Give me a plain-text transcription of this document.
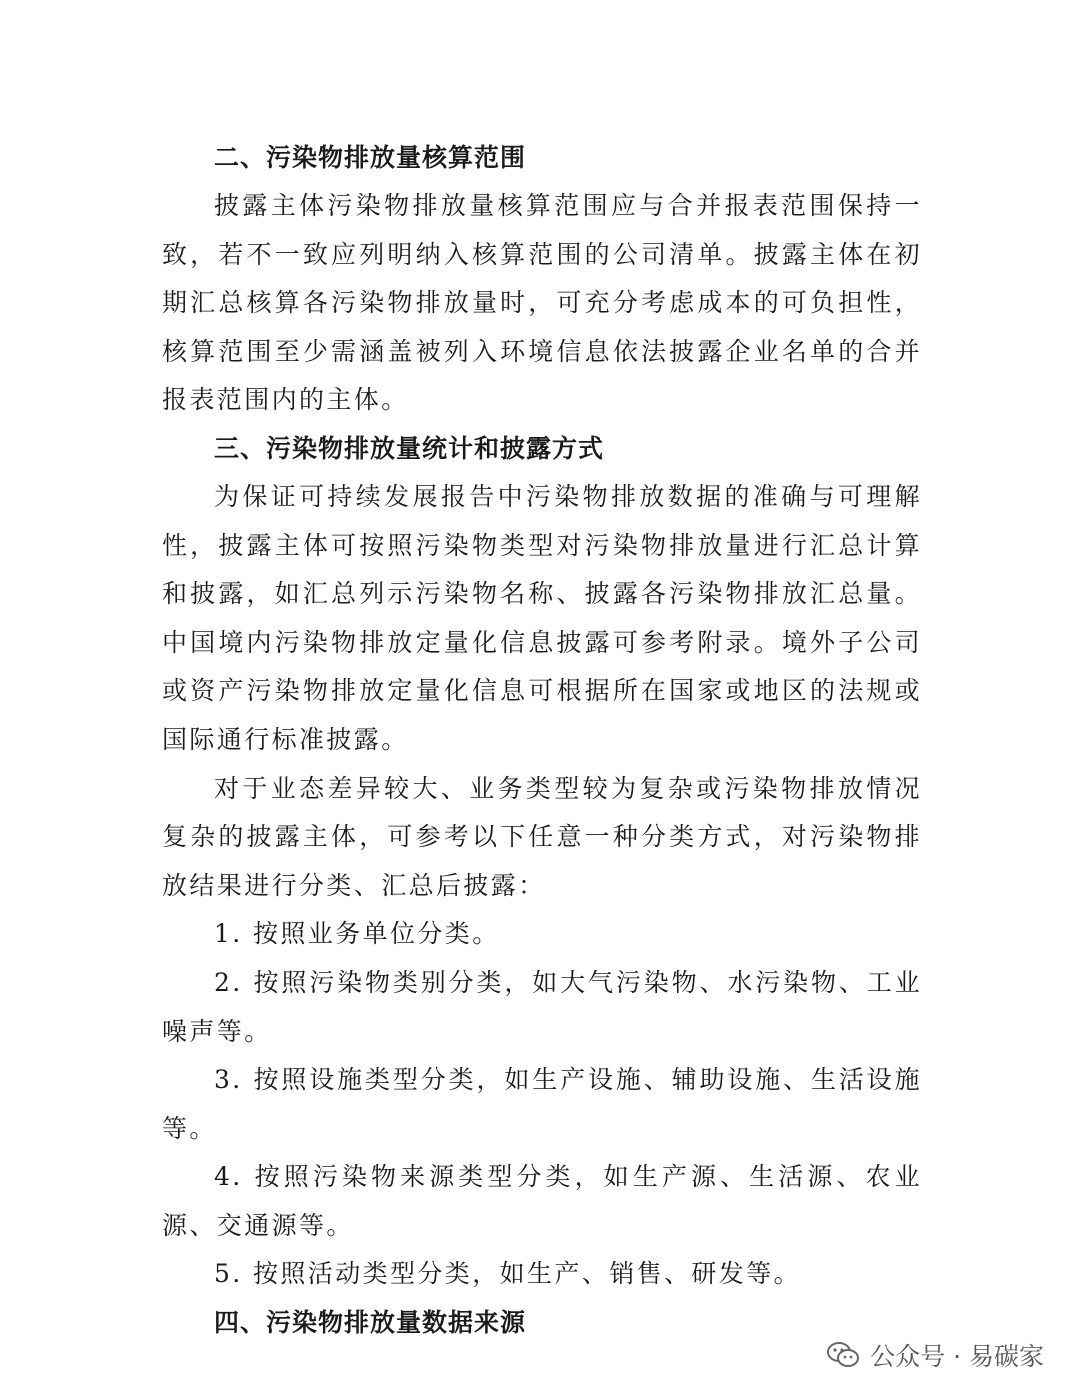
二、污染物排放量核算范围

披露主体污染物排放量核算范围应与合并报表范围保持一致，若不一致应列明纳入核算范围的公司清单。披露主体在初期汇总核算各污染物排放量时，可充分考虑成本的可负担性，核算范围至少需涵盖被列入环境信息依法披露企业名单的合并报表范围内的主体。

三、污染物排放量统计和披露方式

为保证可持续发展报告中污染物排放数据的准确与可理解性，披露主体可按照污染物类型对污染物排放量进行汇总计算和披露，如汇总列示污染物名称、披露各污染物排放汇总量。中国境内污染物排放定量化信息披露可参考附录。境外子公司或资产污染物排放定量化信息可根据所在国家或地区的法规或国际通行标准披露。

对于业态差异较大、业务类型较为复杂或污染物排放情况复杂的披露主体，可参考以下任意一种分类方式，对污染物排放结果进行分类、汇总后披露：

1. 按照业务单位分类。

2. 按照污染物类别分类，如大气污染物、水污染物、工业噪声等。

3. 按照设施类型分类，如生产设施、辅助设施、生活设施等。

4. 按照污染物来源类型分类，如生产源、生活源、农业源、交通源等。

5. 按照活动类型分类，如生产、销售、研发等。

四、污染物排放量数据来源
公众号 · 易碳家
